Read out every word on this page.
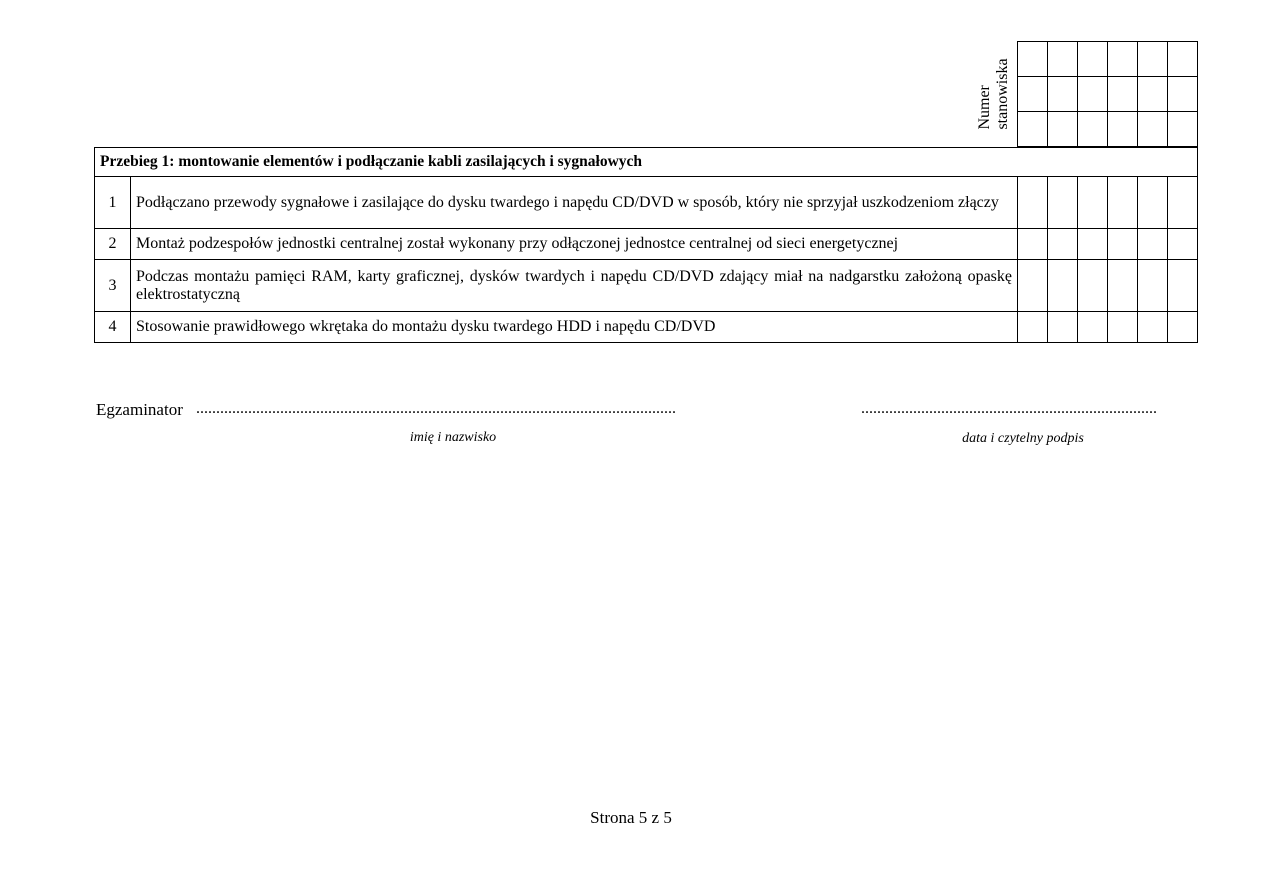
Numer stanowiska

Przebieg 1: montowanie elementów i podłączanie kabli zasilających i sygnałowych							
1	Podłączano przewody sygnałowe i zasilające do dysku twardego i napędu CD/DVD w sposób, który nie sprzyjał uszkodzeniom złączy						
2	Montaż podzespołów jednostki centralnej został wykonany przy odłączonej jednostce centralnej od sieci energetycznej						
3	Podczas montażu pamięci RAM, karty graficznej, dysków twardych i napędu CD/DVD zdający miał na nadgarstku założoną opaskę elektrostatyczną						
4	Stosowanie prawidłowego wkrętaka do montażu dysku twardego HDD i napędu CD/DVD						
Egzaminator ........................................................................................................................	..........................................................................
imię i nazwisko	data i czytelny podpis
Strona 5 z 5
